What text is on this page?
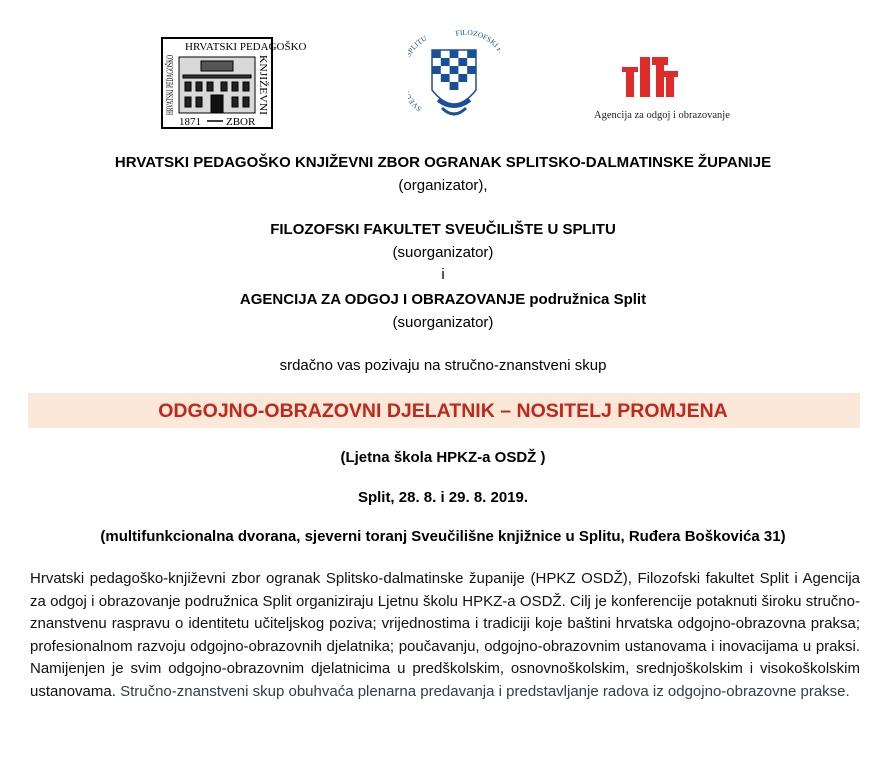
HRVATSKI PEDAGOŠKO
HRVATSKI PEDAGOŠKO	KNJIŽEVNI
1871 ZBOR
SV LITU
FILOZOFSKI
Agencija za odgoj i obrazovanje
HRVATSKI PEDAGOŠKO KNJIŽEVNI ZBOR OGRANAK SPLITSKO-DALMATINSKE ŽUPANIJE
(organizator),
FILOZOFSKI FAKULTET SVEUČILIŠTE U SPLITU
(suorganizator)
i
AGENCIJA ZA ODGOJ I OBRAZOVANJE podružnica Split
(suorganizator)
srdačno vas pozivaju na stručno-znanstveni skup
ODGOJNO-OBRAZOVNI DJELATNIK – NOSITELJ PROMJENA
(Ljetna škola HPKZ-a OSDŽ )
Split, 28. 8. i 29. 8. 2019.
(multifunkcionalna dvorana, sjeverni toranj Sveučilišne knjižnice u Splitu, Ruđera Boškovića 31)
Hrvatski pedagoško-književni zbor ogranak Splitsko-dalmatinske županije (HPKZ OSDŽ), Filozofski fakultet Split i Agencija za odgoj i obrazovanje podružnica Split organiziraju Ljetnu školu HPKZ-a OSDŽ. Cilj je konferencije potaknuti široku stručno-znanstvenu raspravu o identitetu učiteljskog poziva; vrijednostima i tradiciji koje baštini hrvatska odgojno-obrazovna praksa; profesionalnom razvoju odgojno-obrazovnih djelatnika; poučavanju, odgojno-obrazovnim ustanovama i inovacijama u praksi. Namijenjen je svim odgojno-obrazovnim djelatnicima u predškolskim, osnovnoškolskim, srednjoškolskim i visokoškolskim ustanovama. Stručno-znanstveni skup obuhvaća plenarna predavanja i predstavljanje radova iz odgojno-obrazovne prakse.
